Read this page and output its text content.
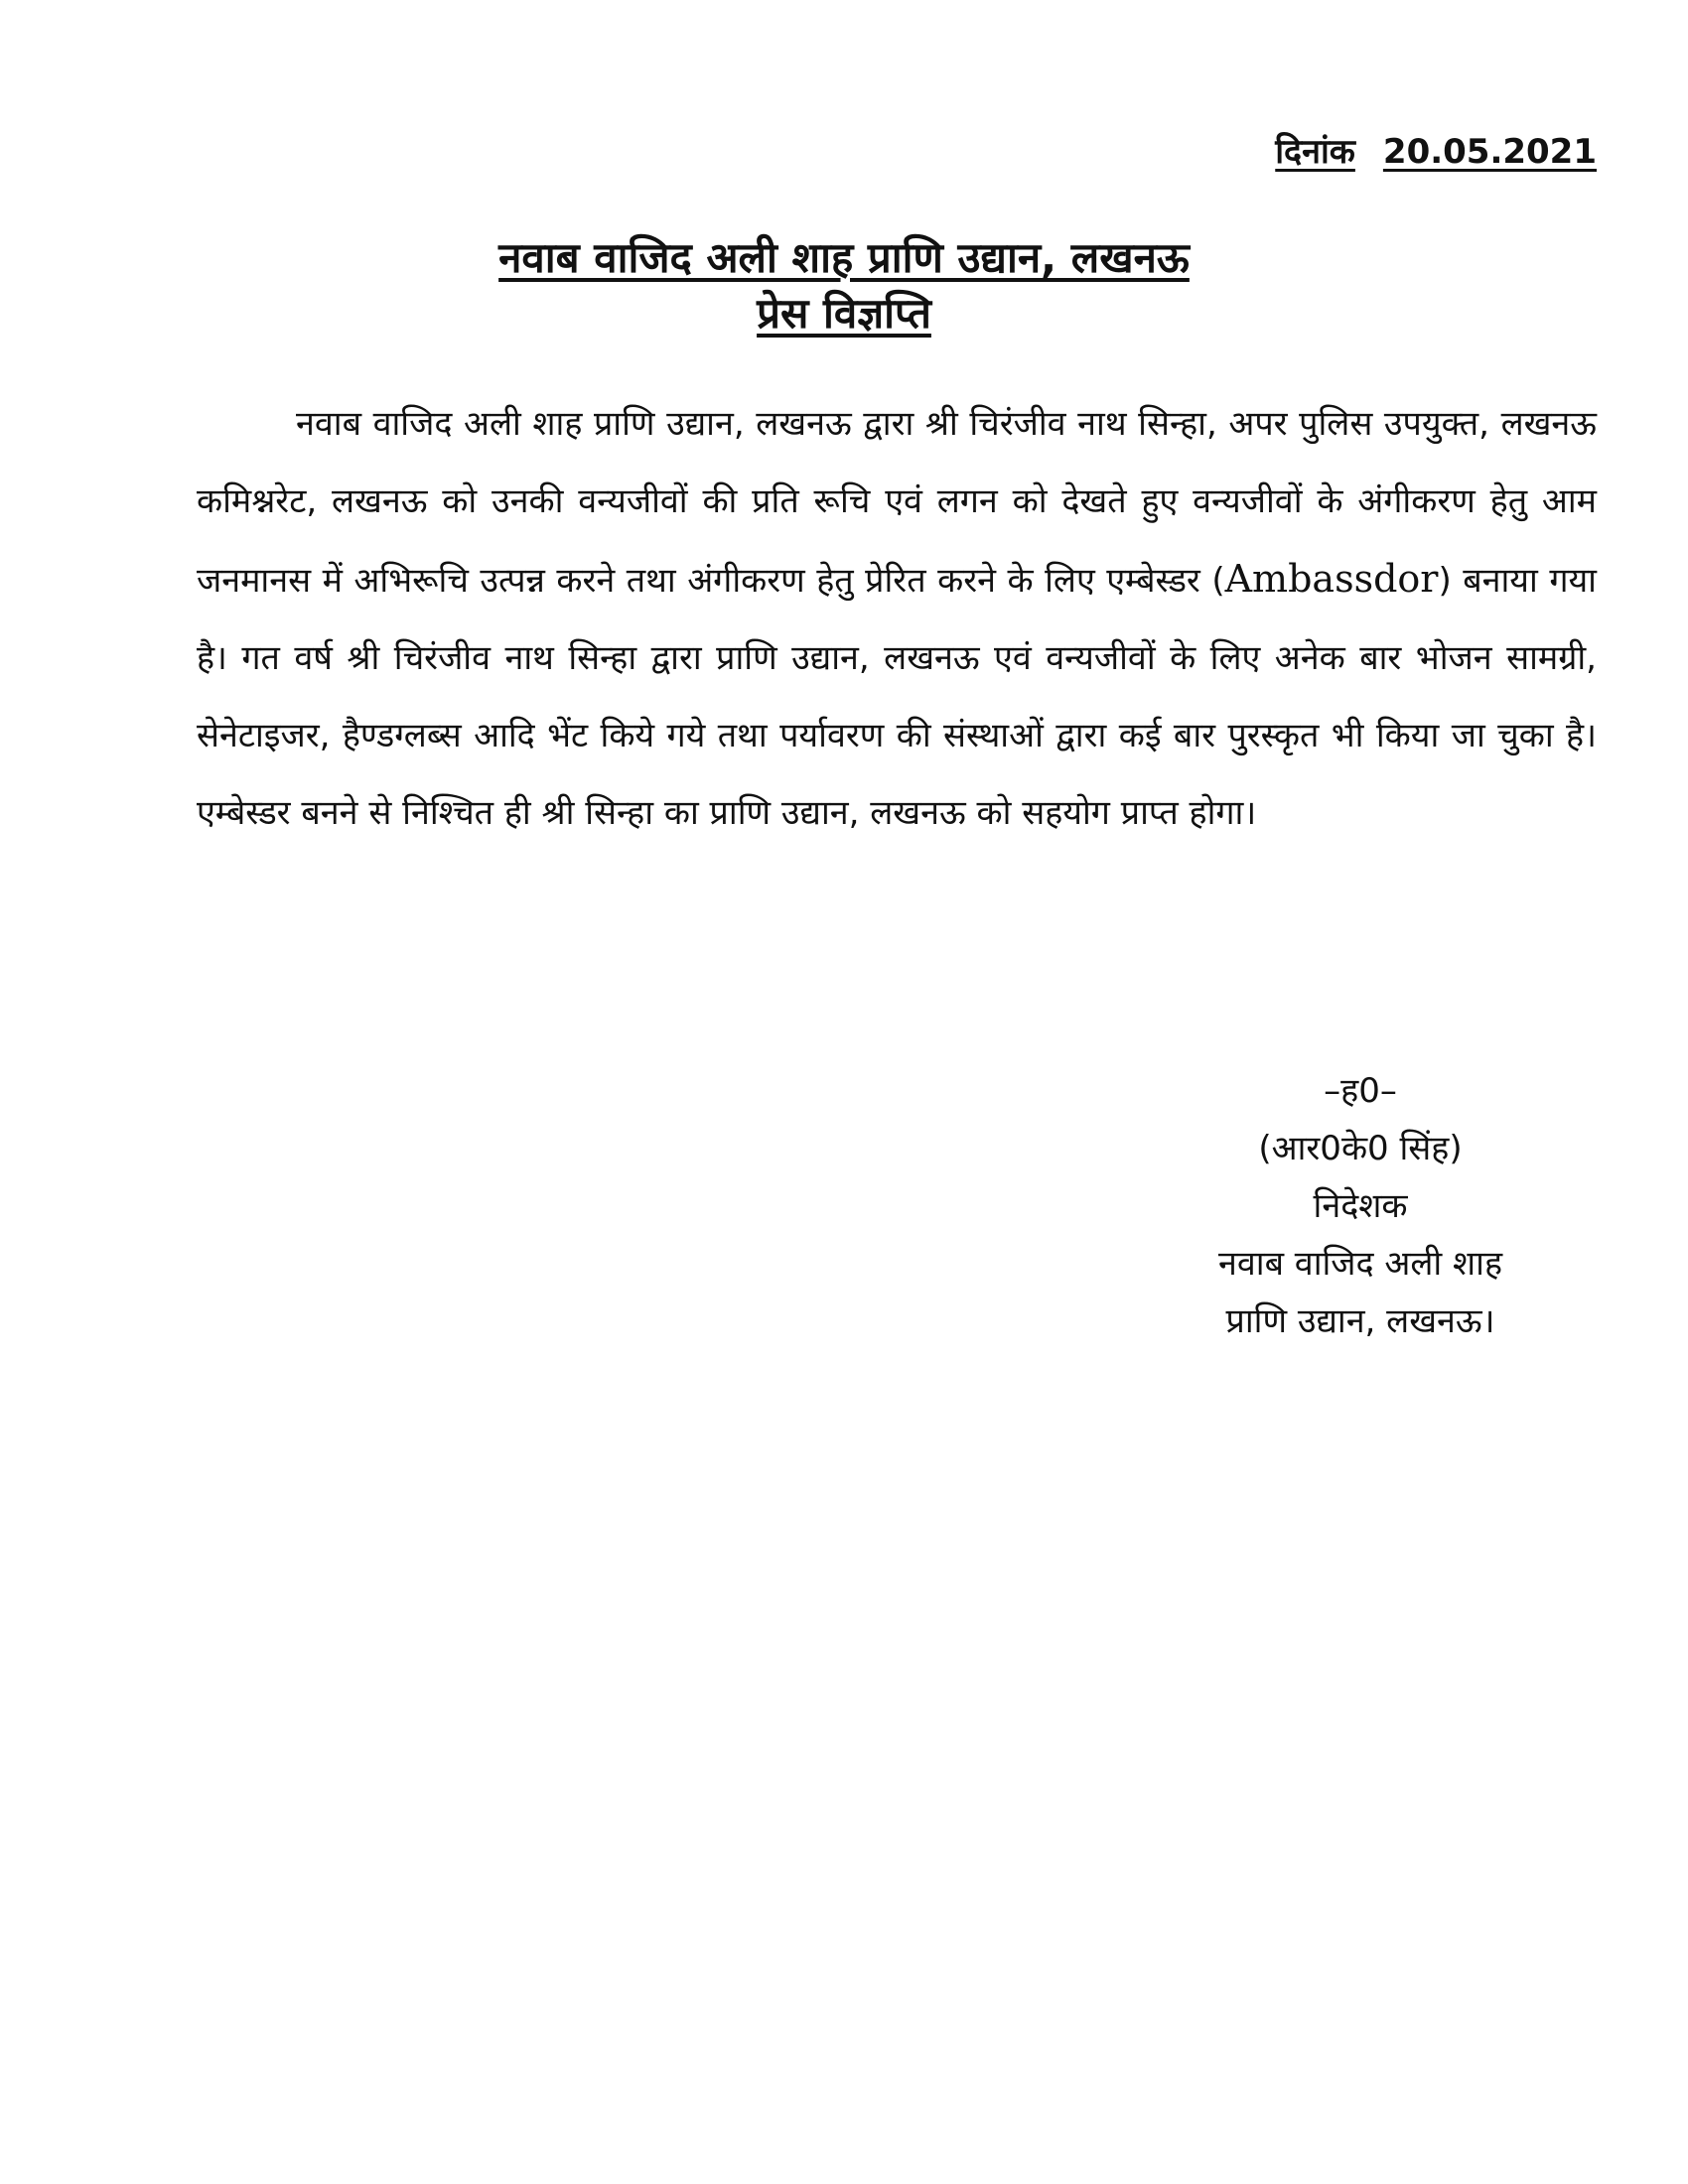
दिनांक 20.05.2021
नवाब वाजिद अली शाह प्राणि उद्यान, लखनऊ
प्रेस विज्ञप्ति

नवाब वाजिद अली शाह प्राणि उद्यान, लखनऊ द्वारा श्री चिरंजीव नाथ सिन्हा, अपर पुलिस उपयुक्त, लखनऊ कमिश्नरेट, लखनऊ को उनकी वन्यजीवों की प्रति रूचि एवं लगन को देखते हुए वन्यजीवों के अंगीकरण हेतु आम जनमानस में अभिरूचि उत्पन्न करने तथा अंगीकरण हेतु प्रेरित करने के लिए एम्बेस्डर (Ambassdor) बनाया गया है। गत वर्ष श्री चिरंजीव नाथ सिन्हा द्वारा प्राणि उद्यान, लखनऊ एवं वन्यजीवों के लिए अनेक बार भोजन सामग्री, सेनेटाइजर, हैण्डग्लब्स आदि भेंट किये गये तथा पर्यावरण की संस्थाओं द्वारा कई बार पुरस्कृत भी किया जा चुका है। एम्बेस्डर बनने से निश्चित ही श्री सिन्हा का प्राणि उद्यान, लखनऊ को सहयोग प्राप्त होगा।

–ह0–
(आर0के0 सिंह)
निदेशक
नवाब वाजिद अली शाह
प्राणि उद्यान, लखनऊ।
